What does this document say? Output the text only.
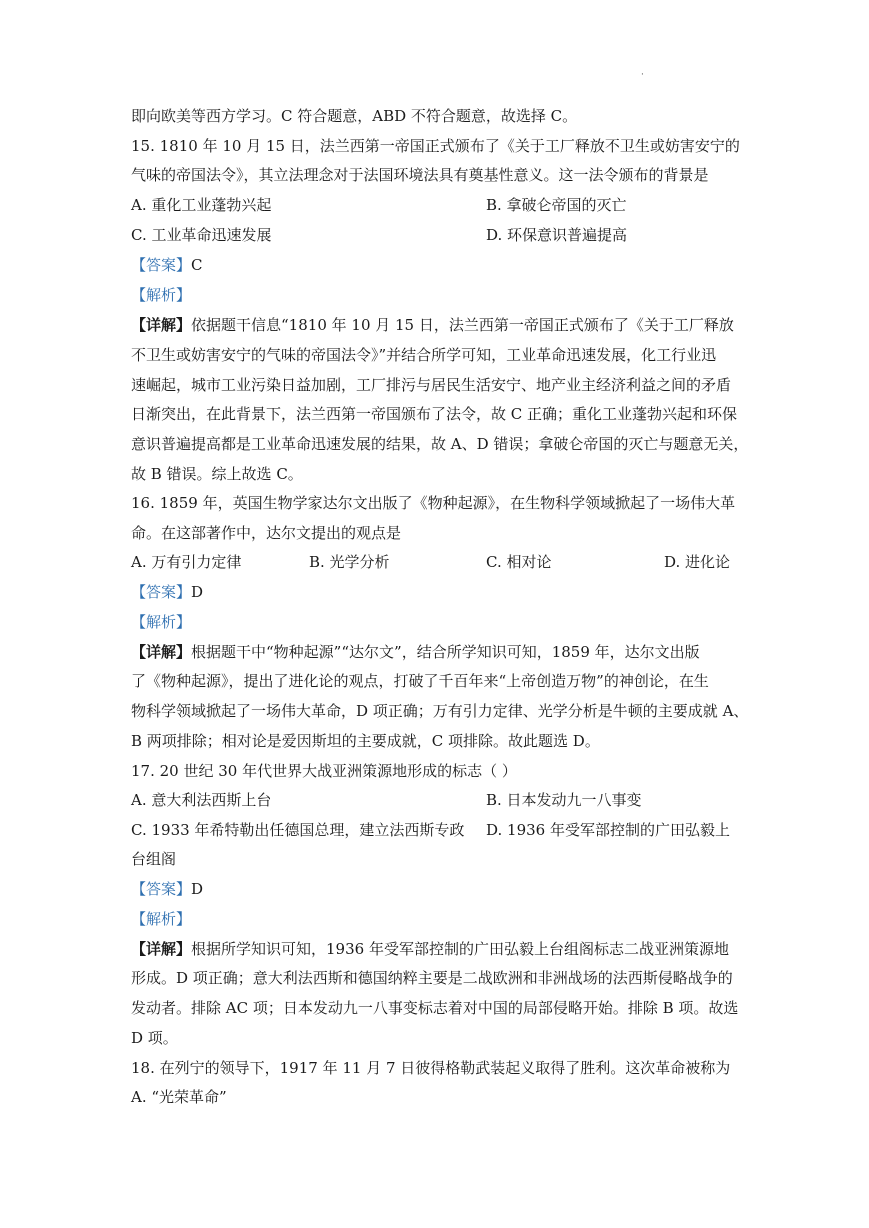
·
即向欧美等西方学习。C 符合题意，ABD 不符合题意，故选择 C。
15. 1810 年 10 月 15 日，法兰西第一帝国正式颁布了《关于工厂释放不卫生或妨害安宁的
气味的帝国法令》，其立法理念对于法国环境法具有奠基性意义。这一法令颁布的背景是
A. 重化工业蓬勃兴起	B. 拿破仑帝国的灭亡
C. 工业革命迅速发展	D. 环保意识普遍提高
【答案】C
【解析】
【详解】依据题干信息“1810 年 10 月 15 日，法兰西第一帝国正式颁布了《关于工厂释放
不卫生或妨害安宁的气味的帝国法令》”并结合所学可知，工业革命迅速发展，化工行业迅
速崛起，城市工业污染日益加剧，工厂排污与居民生活安宁、地产业主经济利益之间的矛盾
日渐突出，在此背景下，法兰西第一帝国颁布了法令，故 C 正确；重化工业蓬勃兴起和环保
意识普遍提高都是工业革命迅速发展的结果，故 A、D 错误；拿破仑帝国的灭亡与题意无关，
故 B 错误。综上故选 C。
16. 1859 年，英国生物学家达尔文出版了《物种起源》，在生物科学领域掀起了一场伟大革
命。在这部著作中，达尔文提出的观点是
A. 万有引力定律	B. 光学分析	C. 相对论	D. 进化论
【答案】D
【解析】
【详解】根据题干中“物种起源”“达尔文”，结合所学知识可知，1859 年，达尔文出版
了《物种起源》，提出了进化论的观点，打破了千百年来“上帝创造万物”的神创论，在生
物科学领域掀起了一场伟大革命，D 项正确；万有引力定律、光学分析是牛顿的主要成就 A、
B 两项排除；相对论是爱因斯坦的主要成就，C 项排除。故此题选 D。
17. 20 世纪 30 年代世界大战亚洲策源地形成的标志（ ）
A. 意大利法西斯上台	B. 日本发动九一八事变
C. 1933 年希特勒出任德国总理，建立法西斯专政 D. 1936 年受军部控制的广田弘毅上
台组阁
【答案】D
【解析】
【详解】根据所学知识可知，1936 年受军部控制的广田弘毅上台组阁标志二战亚洲策源地
形成。D 项正确；意大利法西斯和德国纳粹主要是二战欧洲和非洲战场的法西斯侵略战争的
发动者。排除 AC 项；日本发动九一八事变标志着对中国的局部侵略开始。排除 B 项。故选
D 项。
18. 在列宁的领导下，1917 年 11 月 7 日彼得格勒武装起义取得了胜利。这次革命被称为
A. “光荣革命”
